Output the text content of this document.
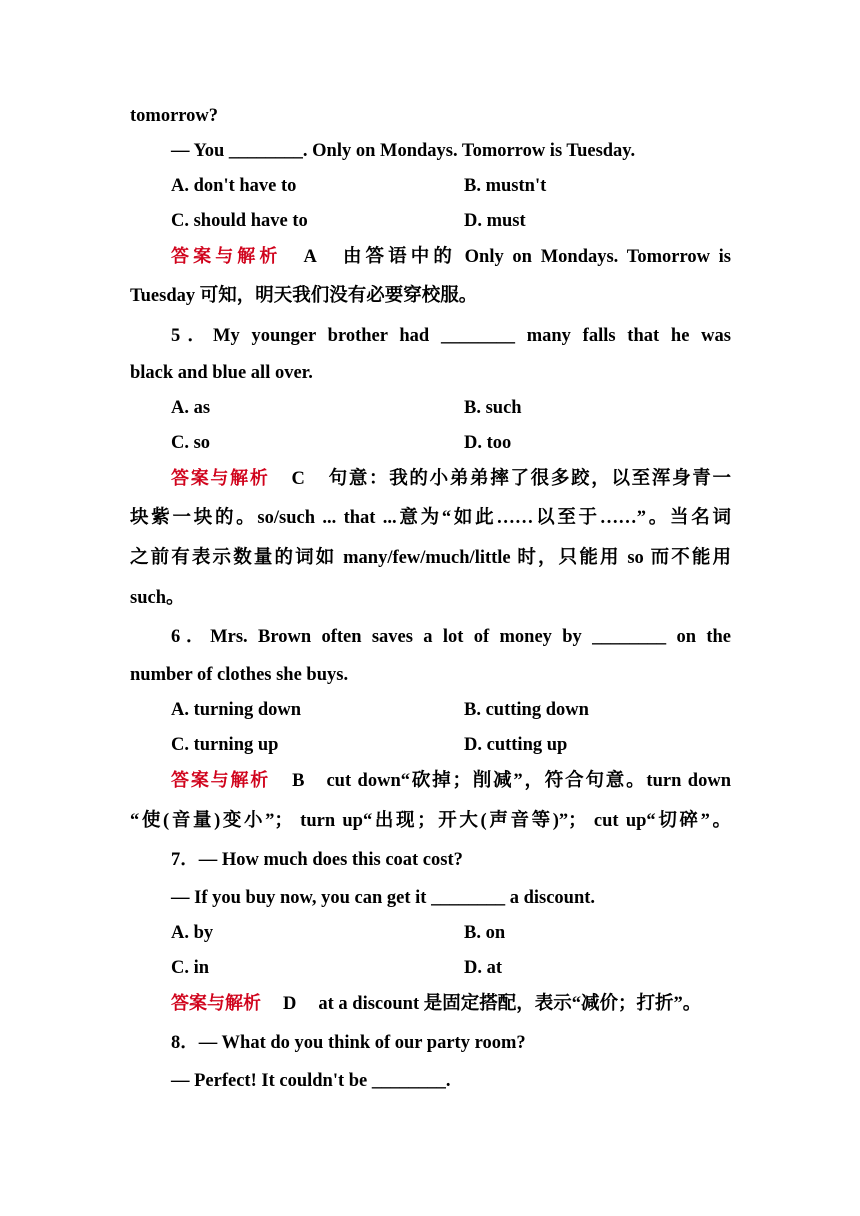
tomorrow?
— You ________. Only on Mondays. Tomorrow is Tuesday.
A. don't have to	B. mustn't
C. should have to	D. must
答案与解析 A 由答语中的 Only on Mondays. Tomorrow is
Tuesday 可知，明天我们没有必要穿校服。
5．My younger brother had ________ many falls that he was
black and blue all over.
A. as	B. such
C. so	D. too
答案与解析 C 句意：我的小弟弟摔了很多跤，以至浑身青一
块紫一块的。so/such ... that ...意为“如此……以至于……”。当名词
之前有表示数量的词如 many/few/much/little 时，只能用 so 而不能用
such。
6．Mrs. Brown often saves a lot of money by ________ on the
number of clothes she buys.
A. turning down	B. cutting down
C. turning up	D. cutting up
答案与解析 B cut down“砍掉；削减”，符合句意。turn down
“使(音量)变小”； turn up“出现；开大(声音等)”； cut up“切碎”。
7．— How much does this coat cost?
— If you buy now, you can get it ________ a discount.
A. by	B. on
C. in	D. at
答案与解析 D at a discount 是固定搭配，表示“减价；打折”。
8．— What do you think of our party room?
— Perfect! It couldn't be ________.
